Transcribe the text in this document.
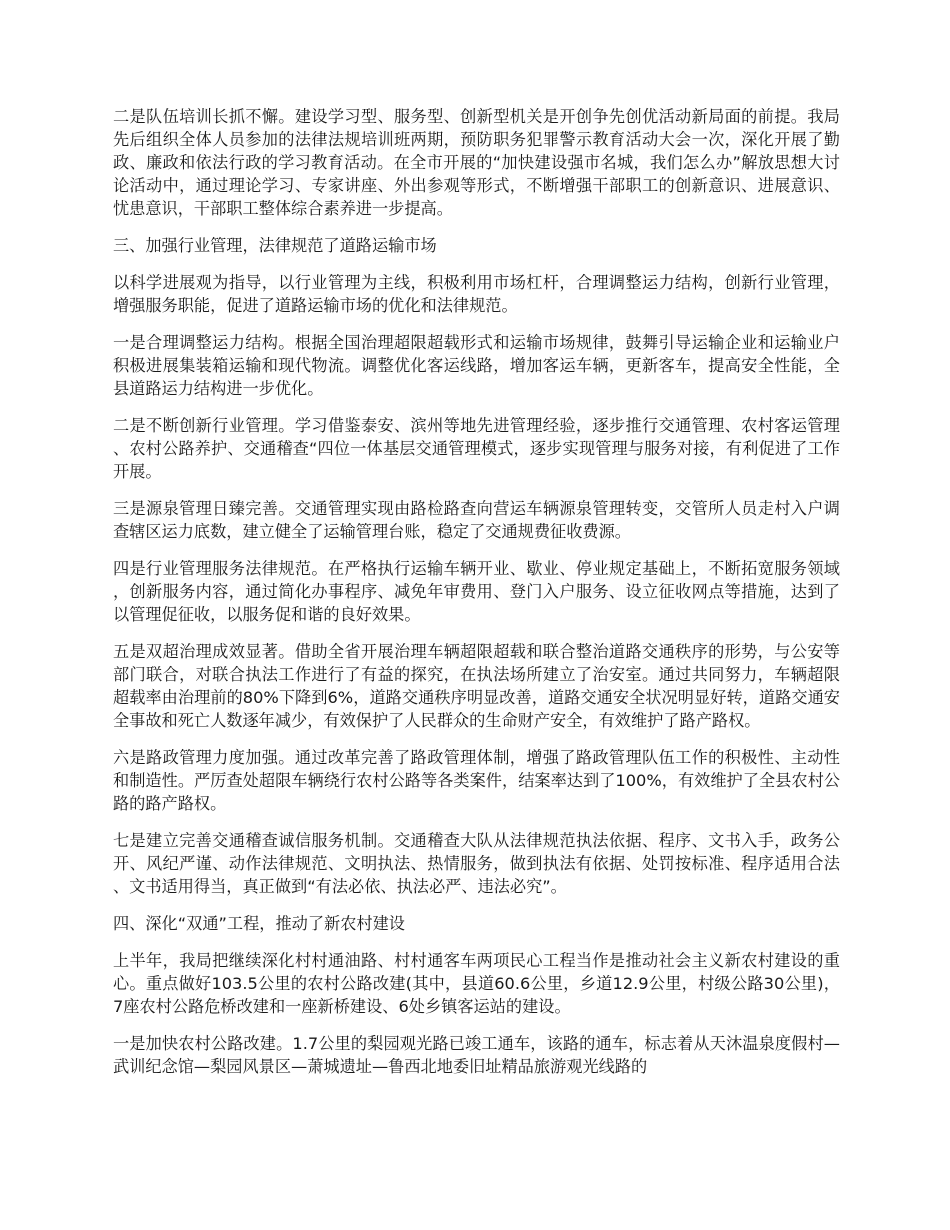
二是队伍培训长抓不懈。建设学习型、服务型、创新型机关是开创争先创优活动新局面的前提。我局先后组织全体人员参加的法律法规培训班两期，预防职务犯罪警示教育活动大会一次，深化开展了勤政、廉政和依法行政的学习教育活动。在全市开展的“加快建设强市名城，我们怎么办”解放思想大讨论活动中，通过理论学习、专家讲座、外出参观等形式，不断增强干部职工的创新意识、进展意识、忧患意识，干部职工整体综合素养进一步提高。

三、加强行业管理，法律规范了道路运输市场

以科学进展观为指导，以行业管理为主线，积极利用市场杠杆，合理调整运力结构，创新行业管理，增强服务职能，促进了道路运输市场的优化和法律规范。

一是合理调整运力结构。根据全国治理超限超载形式和运输市场规律，鼓舞引导运输企业和运输业户积极进展集装箱运输和现代物流。调整优化客运线路，增加客运车辆，更新客车，提高安全性能，全县道路运力结构进一步优化。

二是不断创新行业管理。学习借鉴泰安、滨州等地先进管理经验，逐步推行交通管理、农村客运管理、农村公路养护、交通稽查“四位一体基层交通管理模式，逐步实现管理与服务对接，有利促进了工作开展。

三是源泉管理日臻完善。交通管理实现由路检路查向营运车辆源泉管理转变，交管所人员走村入户调查辖区运力底数，建立健全了运输管理台账，稳定了交通规费征收费源。

四是行业管理服务法律规范。在严格执行运输车辆开业、歇业、停业规定基础上，不断拓宽服务领域，创新服务内容，通过简化办事程序、减免年审费用、登门入户服务、设立征收网点等措施，达到了以管理促征收，以服务促和谐的良好效果。

五是双超治理成效显著。借助全省开展治理车辆超限超载和联合整治道路交通秩序的形势，与公安等部门联合，对联合执法工作进行了有益的探究，在执法场所建立了治安室。通过共同努力，车辆超限超载率由治理前的80%下降到6%，道路交通秩序明显改善，道路交通安全状况明显好转，道路交通安全事故和死亡人数逐年减少，有效保护了人民群众的生命财产安全，有效维护了路产路权。

六是路政管理力度加强。通过改革完善了路政管理体制，增强了路政管理队伍工作的积极性、主动性和制造性。严厉查处超限车辆绕行农村公路等各类案件，结案率达到了100%，有效维护了全县农村公路的路产路权。

七是建立完善交通稽查诚信服务机制。交通稽查大队从法律规范执法依据、程序、文书入手，政务公开、风纪严谨、动作法律规范、文明执法、热情服务，做到执法有依据、处罚按标准、程序适用合法、文书适用得当，真正做到“有法必依、执法必严、违法必究”。

四、深化“双通”工程，推动了新农村建设

上半年，我局把继续深化村村通油路、村村通客车两项民心工程当作是推动社会主义新农村建设的重心。重点做好103.5公里的农村公路改建(其中，县道60.6公里，乡道12.9公里，村级公路30公里)，7座农村公路危桥改建和一座新桥建设、6处乡镇客运站的建设。

一是加快农村公路改建。1.7公里的梨园观光路已竣工通车，该路的通车，标志着从天沐温泉度假村—武训纪念馆—梨园风景区—萧城遗址—鲁西北地委旧址精品旅游观光线路的
